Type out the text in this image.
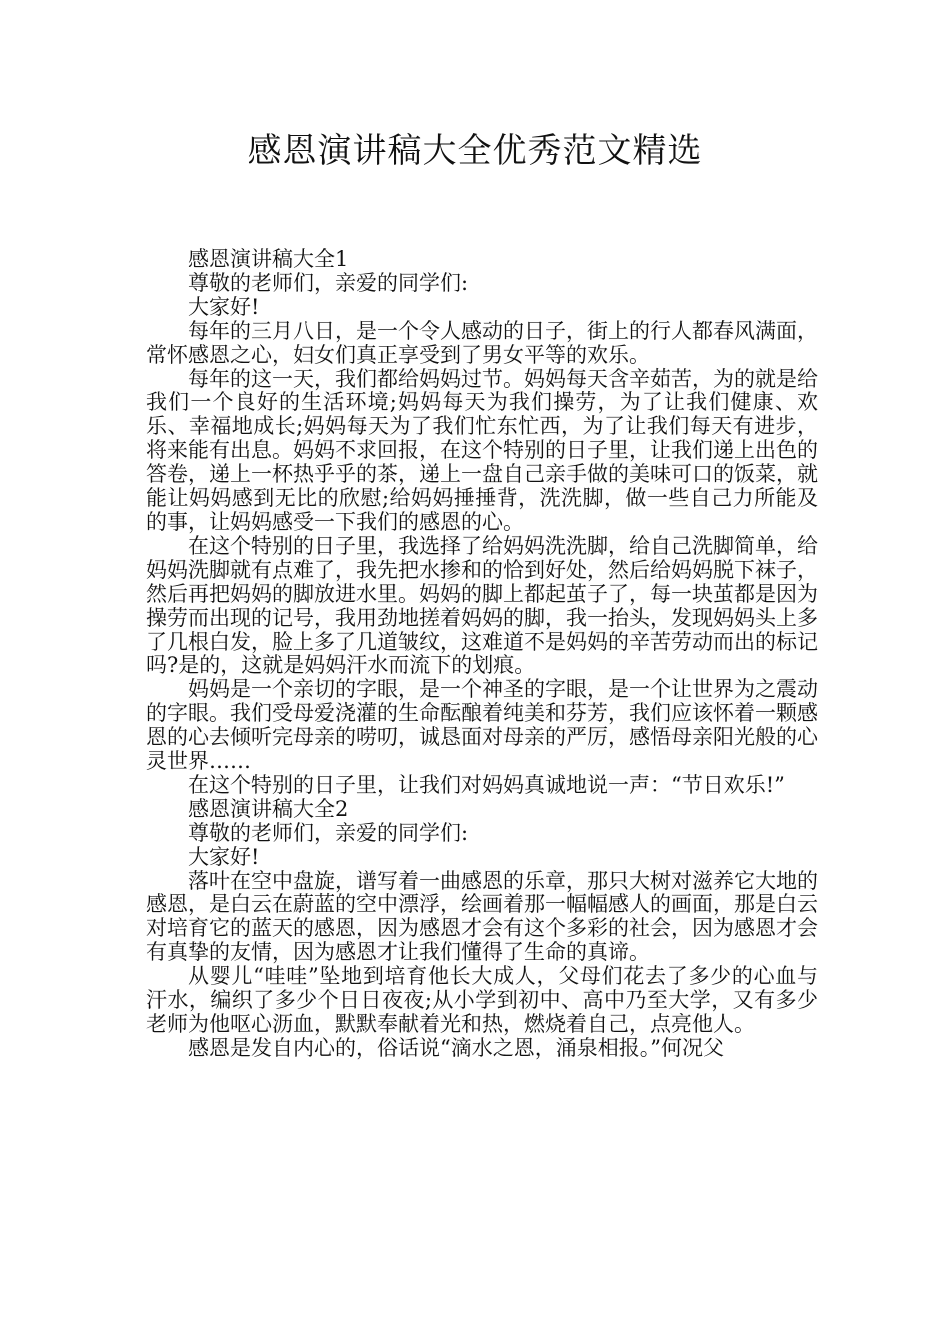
感恩演讲稿大全优秀范文精选

感恩演讲稿大全1

尊敬的老师们，亲爱的同学们:

大家好!

每年的三月八日，是一个令人感动的日子，街上的行人都春风满面，常怀感恩之心，妇女们真正享受到了男女平等的欢乐。

每年的这一天，我们都给妈妈过节。妈妈每天含辛茹苦，为的就是给我们一个良好的生活环境;妈妈每天为我们操劳，为了让我们健康、欢乐、幸福地成长;妈妈每天为了我们忙东忙西，为了让我们每天有进步，将来能有出息。妈妈不求回报，在这个特别的日子里，让我们递上出色的答卷，递上一杯热乎乎的茶，递上一盘自己亲手做的美味可口的饭菜，就能让妈妈感到无比的欣慰;给妈妈捶捶背，洗洗脚，做一些自己力所能及的事，让妈妈感受一下我们的感恩的心。

在这个特别的日子里，我选择了给妈妈洗洗脚，给自己洗脚简单，给妈妈洗脚就有点难了，我先把水掺和的恰到好处，然后给妈妈脱下袜子，然后再把妈妈的脚放进水里。妈妈的脚上都起茧子了，每一块茧都是因为操劳而出现的记号，我用劲地搓着妈妈的脚，我一抬头，发现妈妈头上多了几根白发，脸上多了几道皱纹，这难道不是妈妈的辛苦劳动而出的标记吗?是的，这就是妈妈汗水而流下的划痕。

妈妈是一个亲切的字眼，是一个神圣的字眼，是一个让世界为之震动的字眼。我们受母爱浇灌的生命酝酿着纯美和芬芳，我们应该怀着一颗感恩的心去倾听完母亲的唠叨，诚恳面对母亲的严厉，感悟母亲阳光般的心灵世界……

在这个特别的日子里，让我们对妈妈真诚地说一声：“节日欢乐!”

感恩演讲稿大全2

尊敬的老师们，亲爱的同学们:

大家好!

落叶在空中盘旋，谱写着一曲感恩的乐章，那只大树对滋养它大地的感恩，是白云在蔚蓝的空中漂浮，绘画着那一幅幅感人的画面，那是白云对培育它的蓝天的感恩，因为感恩才会有这个多彩的社会，因为感恩才会有真挚的友情，因为感恩才让我们懂得了生命的真谛。

从婴儿“哇哇”坠地到培育他长大成人，父母们花去了多少的心血与汗水，编织了多少个日日夜夜;从小学到初中、高中乃至大学，又有多少老师为他呕心沥血，默默奉献着光和热，燃烧着自己，点亮他人。

感恩是发自内心的，俗话说“滴水之恩，涌泉相报。”何况父
